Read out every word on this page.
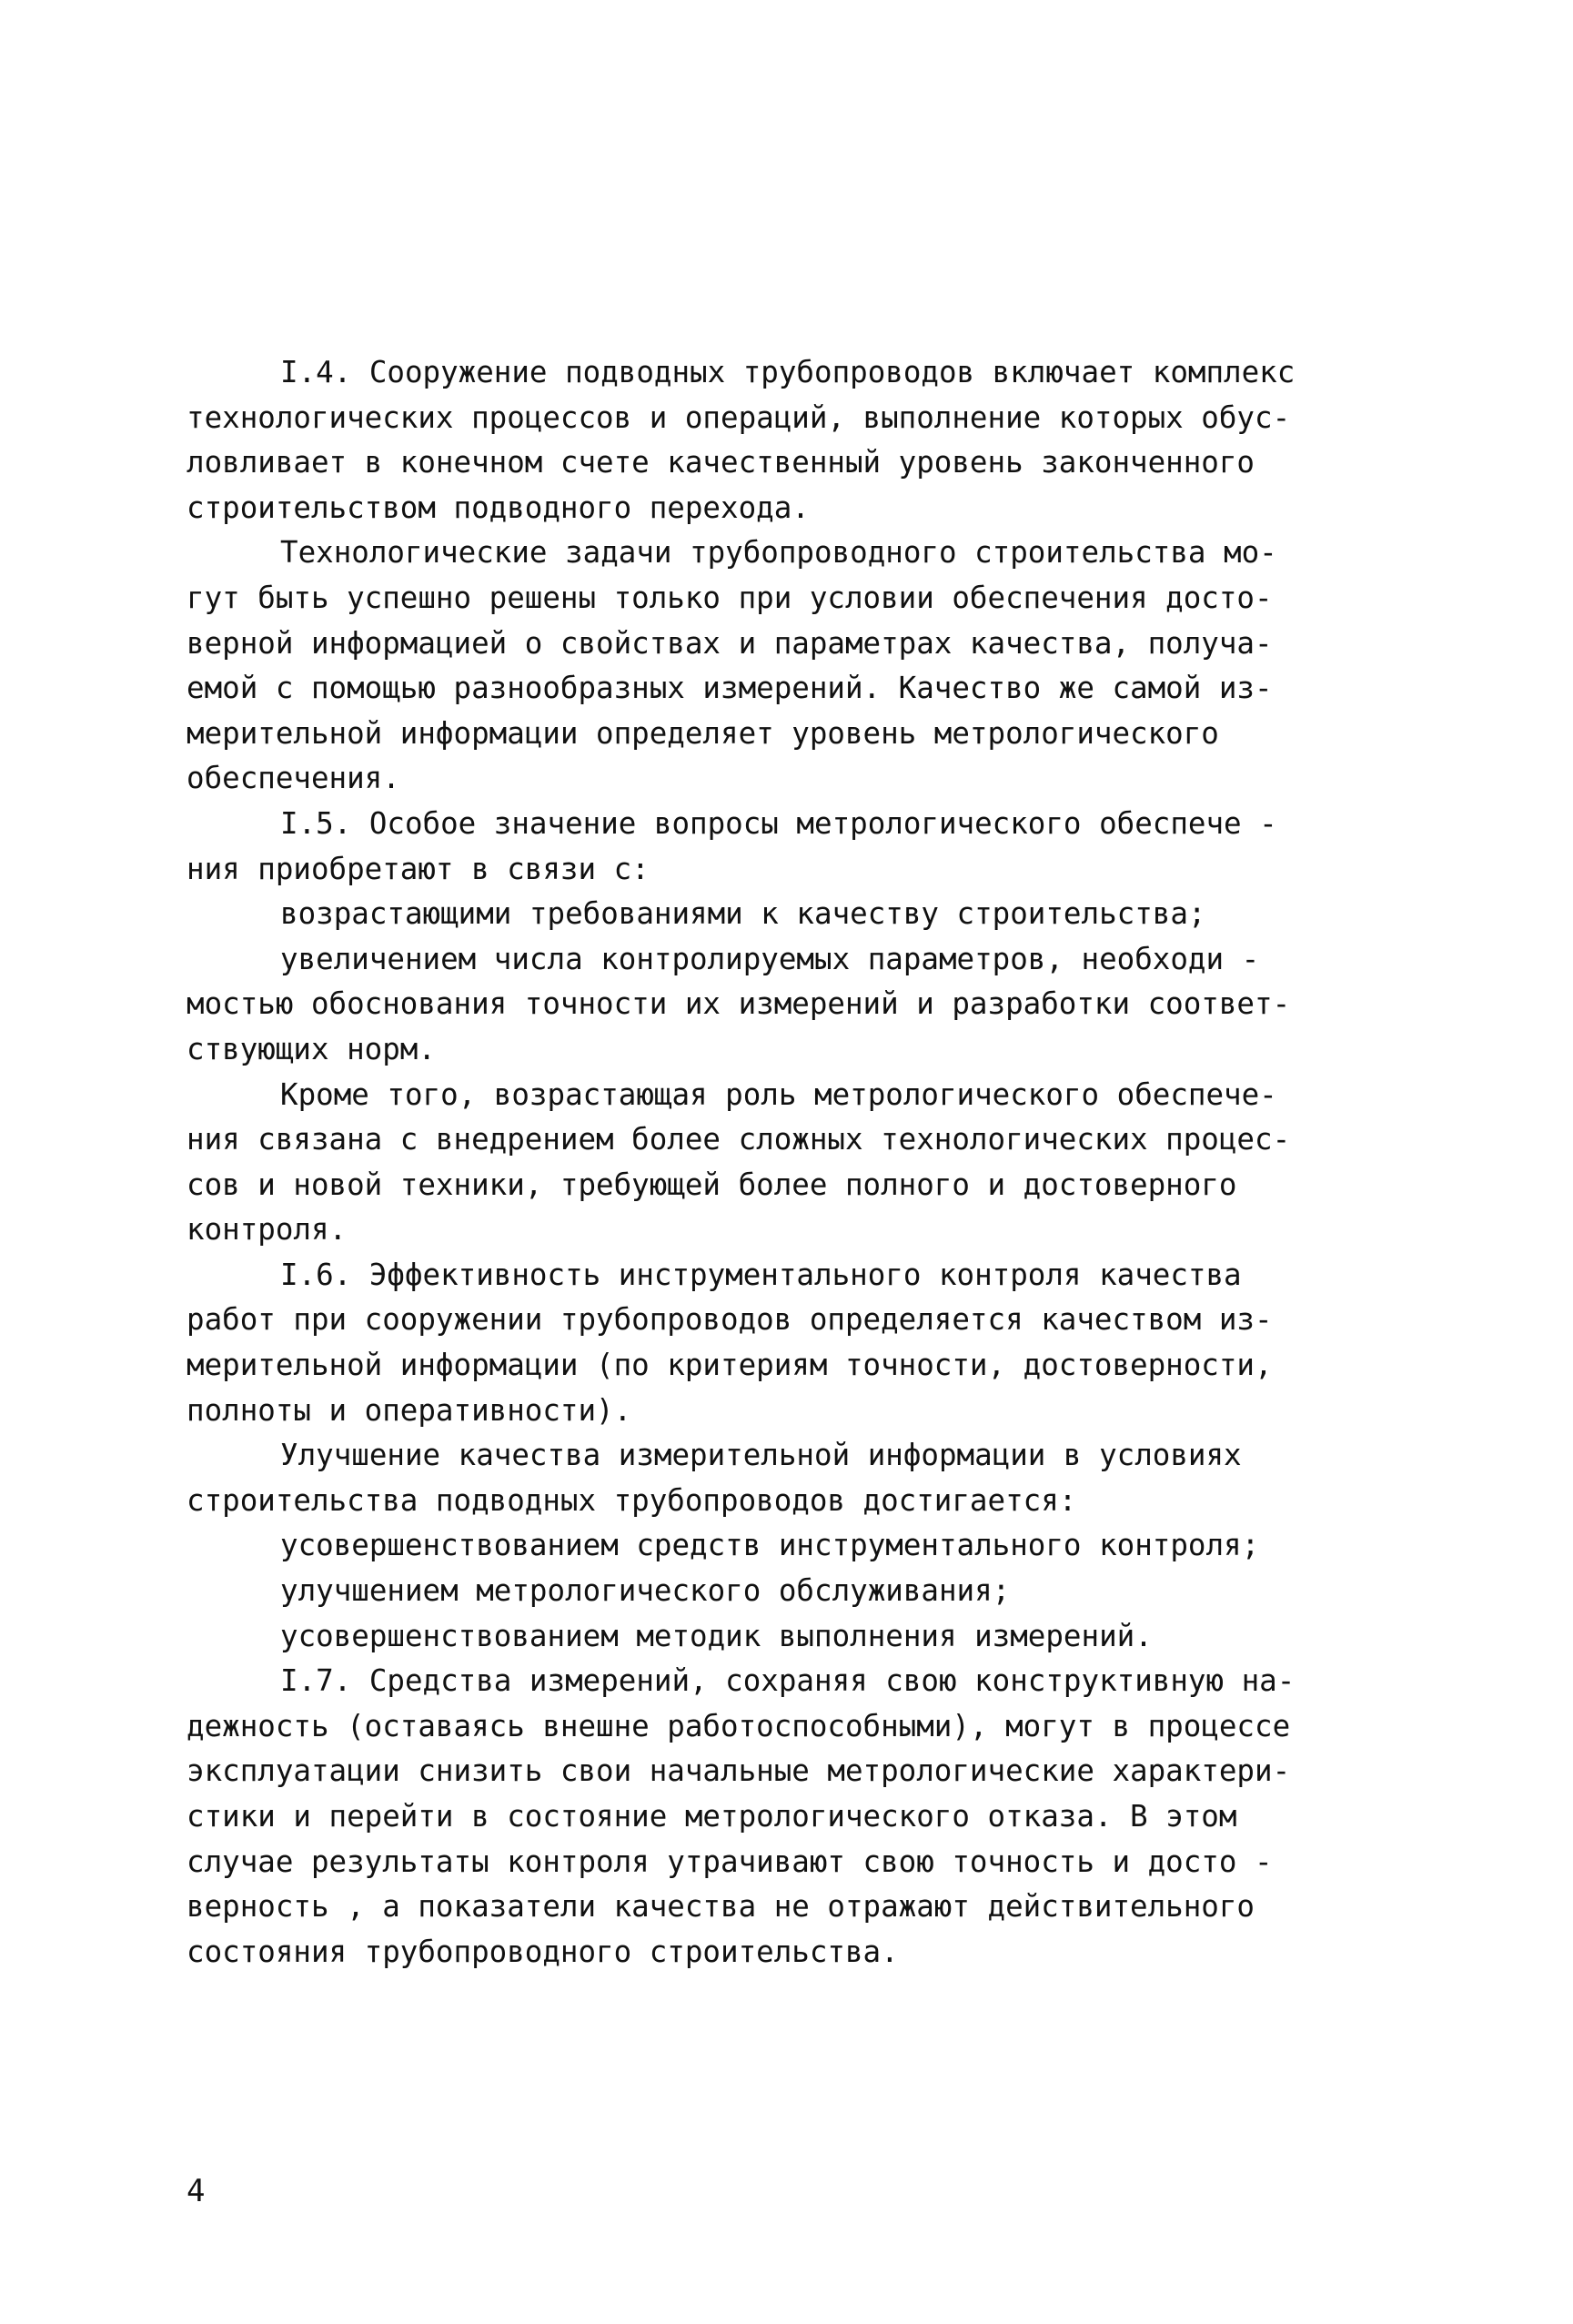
I.4. Сооружение подводных трубопроводов включает комплекс
технологических процессов и операций, выполнение которых обус-
ловливает в конечном счете качественный уровень законченного
строительством подводного перехода.
Технологические задачи трубопроводного строительства мо-
гут быть успешно решены только при условии обеспечения досто-
верной информацией о свойствах и параметрах качества, получа-
емой с помощью разнообразных измерений. Качество же самой из-
мерительной информации определяет уровень метрологического
обеспечения.
I.5. Особое значение вопросы метрологического обеспече -
ния приобретают в связи с:
возрастающими требованиями к качеству строительства;
увеличением числа контролируемых параметров, необходи -
мостью обоснования точности их измерений и разработки соответ-
ствующих норм.
Кроме того, возрастающая роль метрологического обеспече-
ния связана с внедрением более сложных технологических процес-
сов и новой техники, требующей более полного и достоверного
контроля.
I.6. Эффективность инструментального контроля качества
работ при сооружении трубопроводов определяется качеством из-
мерительной информации (по критериям точности, достоверности,
полноты и оперативности).
Улучшение качества измерительной информации в условиях
строительства подводных трубопроводов достигается:
усовершенствованием средств инструментального контроля;
улучшением метрологического обслуживания;
усовершенствованием методик выполнения измерений.
I.7. Средства измерений, сохраняя свою конструктивную на-
дежность (оставаясь внешне работоспособными), могут в процессе
эксплуатации снизить свои начальные метрологические характери-
стики и перейти в состояние метрологического отказа. В этом
случае результаты контроля утрачивают свою точность и досто -
верность , а показатели качества не отражают действительного
состояния трубопроводного строительства.
4
